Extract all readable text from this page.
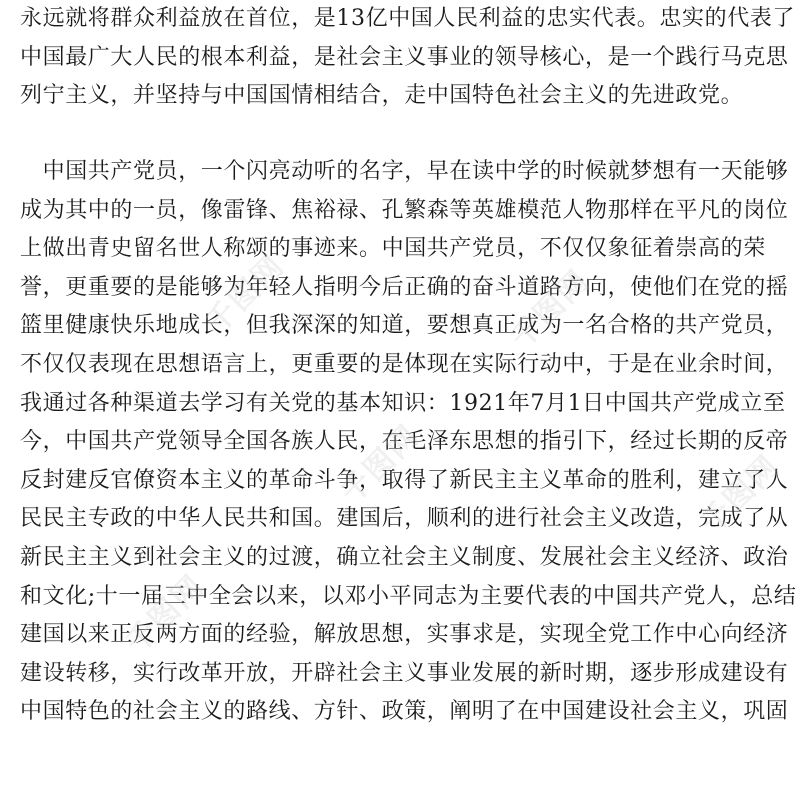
永远就将群众利益放在首位，是13亿中国人民利益的忠实代表。忠实的代表了
中国最广大人民的根本利益，是社会主义事业的领导核心，是一个践行马克思
列宁主义，并坚持与中国国情相结合，走中国特色社会主义的先进政党。
　中国共产党员，一个闪亮动听的名字，早在读中学的时候就梦想有一天能够
成为其中的一员，像雷锋、焦裕禄、孔繁森等英雄模范人物那样在平凡的岗位
上做出青史留名世人称颂的事迹来。中国共产党员，不仅仅象征着崇高的荣
誉，更重要的是能够为年轻人指明今后正确的奋斗道路方向，使他们在党的摇
篮里健康快乐地成长，但我深深的知道，要想真正成为一名合格的共产党员，
不仅仅表现在思想语言上，更重要的是体现在实际行动中，于是在业余时间，
我通过各种渠道去学习有关党的基本知识：1921年7月1日中国共产党成立至
今，中国共产党领导全国各族人民，在毛泽东思想的指引下，经过长期的反帝
反封建反官僚资本主义的革命斗争，取得了新民主主义革命的胜利，建立了人
民民主专政的中华人民共和国。建国后，顺利的进行社会主义改造，完成了从
新民主主义到社会主义的过渡，确立社会主义制度、发展社会主义经济、政治
和文化;十一届三中全会以来，以邓小平同志为主要代表的中国共产党人，总结
建国以来正反两方面的经验，解放思想，实事求是，实现全党工作中心向经济
建设转移，实行改革开放，开辟社会主义事业发展的新时期，逐步形成建设有
中国特色的社会主义的路线、方针、政策，阐明了在中国建设社会主义，巩固
千图网	千图网
千图网	千图网
千图网
